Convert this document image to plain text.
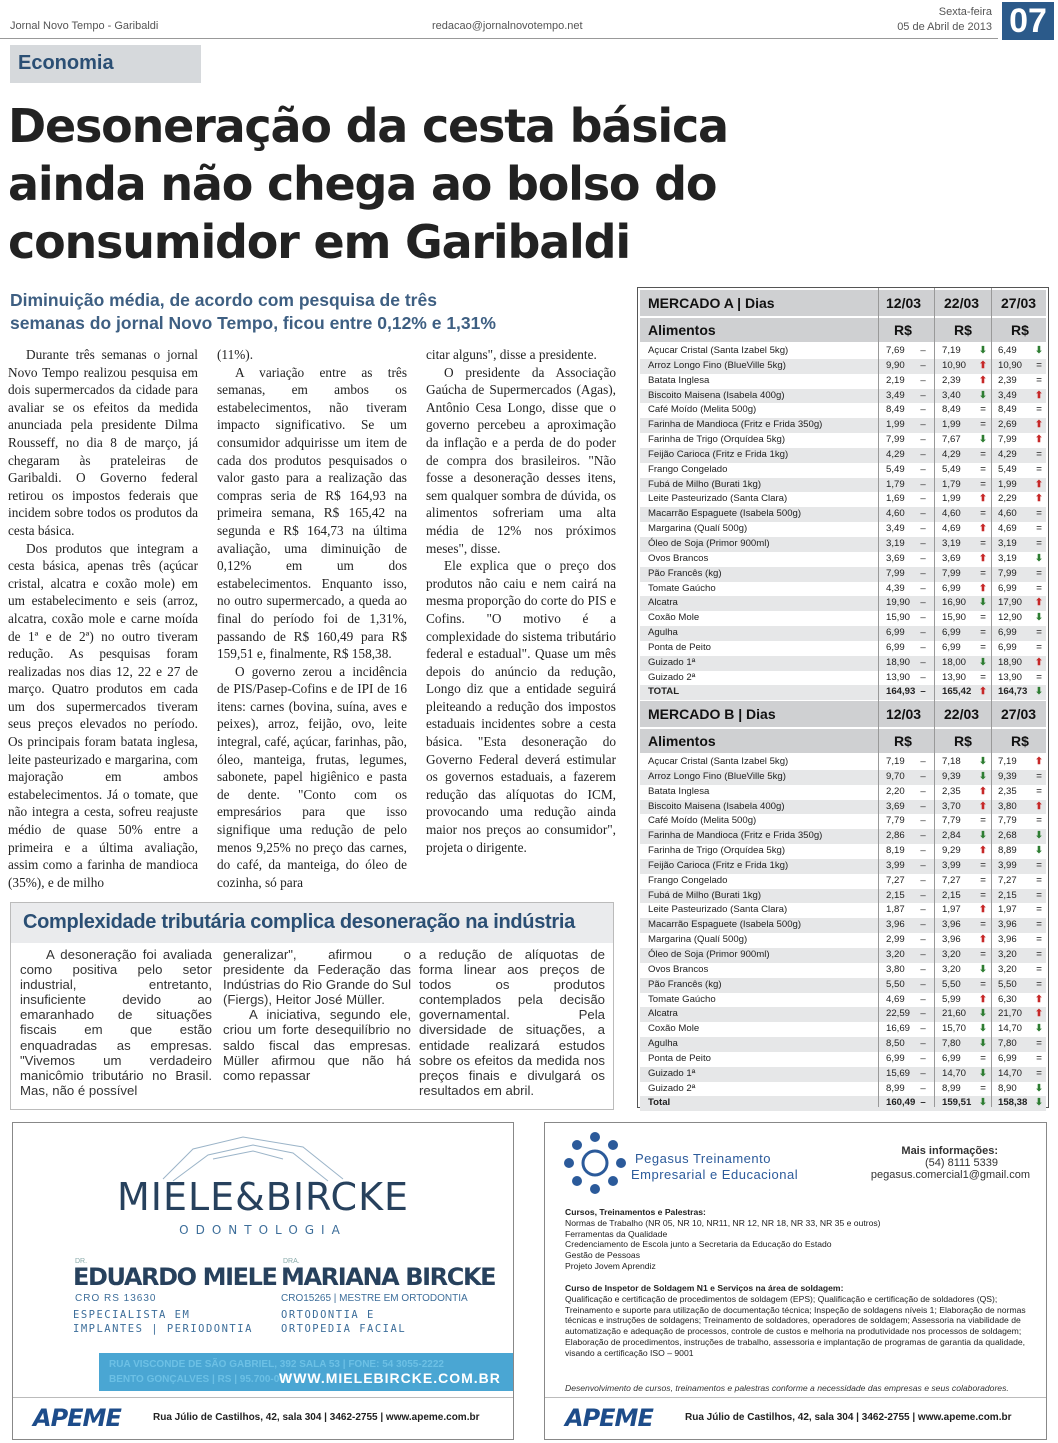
Jornal Novo Tempo - Garibaldi	redacao@jornalnovotempo.net
Sexta-feira
05 de Abril de 2013 07
Economia
Desoneração da cesta básica
ainda não chega ao bolso do
consumidor em Garibaldi
Diminuição média, de acordo com pesquisa de três
semanas do jornal Novo Tempo, ficou entre 0,12% e 1,31%

Durante três semanas o jornal Novo Tempo realizou pesquisa em dois supermercados da cidade para avaliar se os efeitos da medida anunciada pela presidente Dilma Rousseff, no dia 8 de março, já chegaram às prateleiras de Garibaldi. O Governo federal retirou os impostos federais que incidem sobre todos os produtos da cesta básica.

Dos produtos que integram a cesta básica, apenas três (açúcar cristal, alcatra e coxão mole) em um estabelecimento e seis (arroz, alcatra, coxão mole e carne moída de 1ª e de 2ª) no outro tiveram redução. As pesquisas foram realizadas nos dias 12, 22 e 27 de março. Quatro produtos em cada um dos supermercados tiveram seus preços elevados no período. Os principais foram batata inglesa, leite pasteurizado e margarina, com majoração em ambos estabelecimentos. Já o tomate, que não integra a cesta, sofreu reajuste médio de quase 50% entre a primeira e a última avaliação, assim como a farinha de mandioca (35%), e de milho

(11%).

A variação entre as três semanas, em ambos os estabelecimentos, não tiveram impacto significativo. Se um consumidor adquirisse um item de cada dos produtos pesquisados o valor gasto para a realização das compras seria de R$ 164,93 na primeira semana, R$ 165,42 na segunda e R$ 164,73 na última avaliação, uma diminuição de 0,12% em um dos estabelecimentos. Enquanto isso, no outro supermercado, a queda ao final do período foi de 1,31%, passando de R$ 160,49 para R$ 159,51 e, finalmente, R$ 158,38.

O governo zerou a incidência de PIS/Pasep-Cofins e de IPI de 16 itens: carnes (bovina, suína, aves e peixes), arroz, feijão, ovo, leite integral, café, açúcar, farinhas, pão, óleo, manteiga, frutas, legumes, sabonete, papel higiênico e pasta de dente. "Conto com os empresários para que isso signifique uma redução de pelo menos 9,25% no preço das carnes, do café, da manteiga, do óleo de cozinha, só para

citar alguns", disse a presidente.

O presidente da Associação Gaúcha de Supermercados (Agas), Antônio Cesa Longo, disse que o governo percebeu a aproximação da inflação e a perda de do poder de compra dos brasileiros. "Não fosse a desoneração desses itens, sem qualquer sombra de dúvida, os alimentos sofreriam uma alta média de 12% nos próximos meses", disse.

Ele explica que o preço dos produtos não caiu e nem cairá na mesma proporção do corte do PIS e Cofins. "O motivo é a complexidade do sistema tributário federal e estadual". Quase um mês depois do anúncio da redução, Longo diz que a entidade seguirá pleiteando a redução dos impostos estaduais incidentes sobre a cesta básica. "Esta desoneração do Governo Federal deverá estimular os governos estaduais, a fazerem redução das alíquotas do ICM, provocando uma redução ainda maior nos preços ao consumidor", projeta o dirigente.

Complexidade tributária complica desoneração na indústria

A desoneração foi avaliada como positiva pelo setor industrial, entretanto, insuficiente devido ao emaranhado de situações fiscais em que estão enquadradas as empresas. "Vivemos um verdadeiro manicômio tributário no Brasil. Mas, não é possível

generalizar", afirmou o presidente da Federação das Indústrias do Rio Grande do Sul (Fiergs), Heitor José Müller.

A iniciativa, segundo ele, criou um forte desequilíbrio no saldo fiscal das empresas. Müller afirmou que não há como repassar

a redução de alíquotas de forma linear aos preços de todos os produtos contemplados pela decisão governamental. Pela diversidade de situações, a entidade realizará estudos sobre os efeitos da medida nos preços finais e divulgará os resultados em abril.

MERCADO A | Dias	12/03 22/03 27/03
Alimentos	R$	R$	R$
Açucar Cristal (Santa Izabel 5kg)	7,69 – 7,19 ⬇ 6,49 ⬇
Arroz Longo Fino (BlueVille 5kg)	9,90 – 10,90 ⬆ 10,90 =
Batata Inglesa	2,19 – 2,39 ⬆ 2,39 =
Biscoito Maisena (Isabela 400g)	3,49 – 3,40 ⬇ 3,49 ⬆
Café Moído (Melita 500g)	8,49 – 8,49 = 8,49 =
Farinha de Mandioca (Fritz e Frida 350g)	1,99 – 1,99 = 2,69 ⬆
Farinha de Trigo (Orquídea 5kg)	7,99 – 7,67 ⬇ 7,99 ⬆
Feijão Carioca (Fritz e Frida 1kg)	4,29 – 4,29 = 4,29 =
Frango Congelado	5,49 – 5,49 = 5,49 =
Fubá de Milho (Burati 1kg)	1,79 – 1,79 = 1,99 ⬆
Leite Pasteurizado (Santa Clara)	1,69 – 1,99 ⬆ 2,29 ⬆
Macarrão Espaguete (Isabela 500g)	4,60 – 4,60 = 4,60 =
Margarina (Qualí 500g)	3,49 – 4,69 ⬆ 4,69 =
Óleo de Soja (Primor 900ml)	3,19 – 3,19 = 3,19 =
Ovos Brancos	3,69 – 3,69 ⬆ 3,19 ⬇
Pão Francês (kg)	7,99 – 7,99 = 7,99 =
Tomate Gaúcho	4,39 – 6,99 ⬆ 6,99 =
Alcatra	19,90 – 16,90 ⬇ 17,90 ⬆
Coxão Mole	15,90 – 15,90 = 12,90 ⬇
Agulha	6,99 – 6,99 = 6,99 =
Ponta de Peito	6,99 – 6,99 = 6,99 =
Guizado 1ª	18,90 – 18,00 ⬇ 18,90 ⬆
Guizado 2ª	13,90 – 13,90 = 13,90 =
TOTAL	164,93 – 165,42 ⬆ 164,73 ⬇
MERCADO B | Dias	12/03 22/03 27/03
Alimentos	R$	R$	R$
Açucar Cristal (Santa Izabel 5kg)	7,19 – 7,18 ⬇ 7,19 ⬆
Arroz Longo Fino (BlueVille 5kg)	9,70 – 9,39 ⬇ 9,39 =
Batata Inglesa	2,20 – 2,35 ⬆ 2,35 =
Biscoito Maisena (Isabela 400g)	3,69 – 3,70 ⬆ 3,80 ⬆
Café Moído (Melita 500g)	7,79 – 7,79 = 7,79 =
Farinha de Mandioca (Fritz e Frida 350g)	2,86 – 2,84 ⬇ 2,68 ⬇
Farinha de Trigo (Orquídea 5kg)	8,19 – 9,29 ⬆ 8,89 ⬇
Feijão Carioca (Fritz e Frida 1kg)	3,99 – 3,99 = 3,99 =
Frango Congelado	7,27 – 7,27 = 7,27 =
Fubá de Milho (Burati 1kg)	2,15 – 2,15 = 2,15 =
Leite Pasteurizado (Santa Clara)	1,87 – 1,97 ⬆ 1,97 =
Macarrão Espaguete (Isabela 500g)	3,96 – 3,96 = 3,96 =
Margarina (Qualí 500g)	2,99 – 3,96 ⬆ 3,96 =
Óleo de Soja (Primor 900ml)	3,20 – 3,20 = 3,20 =
Ovos Brancos	3,80 – 3,20 ⬇ 3,20 =
Pão Francês (kg)	5,50 – 5,50 = 5,50 =
Tomate Gaúcho	4,69 – 5,99 ⬆ 6,30 ⬆
Alcatra	22,59 – 21,60 ⬇ 21,70 ⬆
Coxão Mole	16,69 – 15,70 ⬇ 14,70 ⬇
Agulha	8,50 – 7,80 ⬇ 7,80 =
Ponta de Peito	6,99 – 6,99 = 6,99 =
Guizado 1ª	15,69 – 14,70 ⬇ 14,70 =
Guizado 2ª	8,99 – 8,99 = 8,90 ⬇
Total	160,49 – 159,51 ⬇ 158,38 ⬇
MIELE&BIRCKE
ODONTOLOGIA
DR.
EDUARDO MIELE
CRO RS 13630
ESPECIALISTA EM
IMPLANTES | PERIODONTIA
DRA.
MARIANA BIRCKE
CRO15265 | MESTRE EM ORTODONTIA
ORTODONTIA E
ORTOPEDIA FACIAL
RUA VISCONDE DE SÃO GABRIEL, 392 SALA 53 | FONE: 54 3055-2222
BENTO GONÇALVES | RS | 95.700-000
WWW.MIELEBIRCKE.COM.BR
APEME	Rua Júlio de Castilhos, 42, sala 304 | 3462-2755 | www.apeme.com.br
Pegasus Treinamento
Empresarial e Educacional
Mais informações:
(54) 8111 5339
pegasus.comercial1@gmail.com
Cursos, Treinamentos e Palestras:
Normas de Trabalho (NR 05, NR 10, NR11, NR 12, NR 18, NR 33, NR 35 e outros)
Ferramentas da Qualidade
Credenciamento de Escola junto a Secretaria da Educação do Estado
Gestão de Pessoas
Projeto Jovem Aprendiz
Curso de Inspetor de Soldagem N1 e Serviços na área de soldagem:
Qualificação e certificação de procedimentos de soldagem (EPS); Qualificação e certificação de soldadores (QS); Treinamento e suporte para utilização de documentação técnica; Inspeção de soldagens níveis 1; Elaboração de normas técnicas e instruções de soldagens; Treinamento de soldadores, operadores de soldagem; Assessoria na viabilidade de automatização e adequação de processos, controle de custos e melhoria na produtividade nos processos de soldagem; Elaboração de procedimentos, instruções de trabalho, assessoria e implantação de programas de garantia da qualidade, visando a certificação ISO – 9001
Desenvolvimento de cursos, treinamentos e palestras conforme a necessidade das empresas e seus colaboradores.
APEME	Rua Júlio de Castilhos, 42, sala 304 | 3462-2755 | www.apeme.com.br
